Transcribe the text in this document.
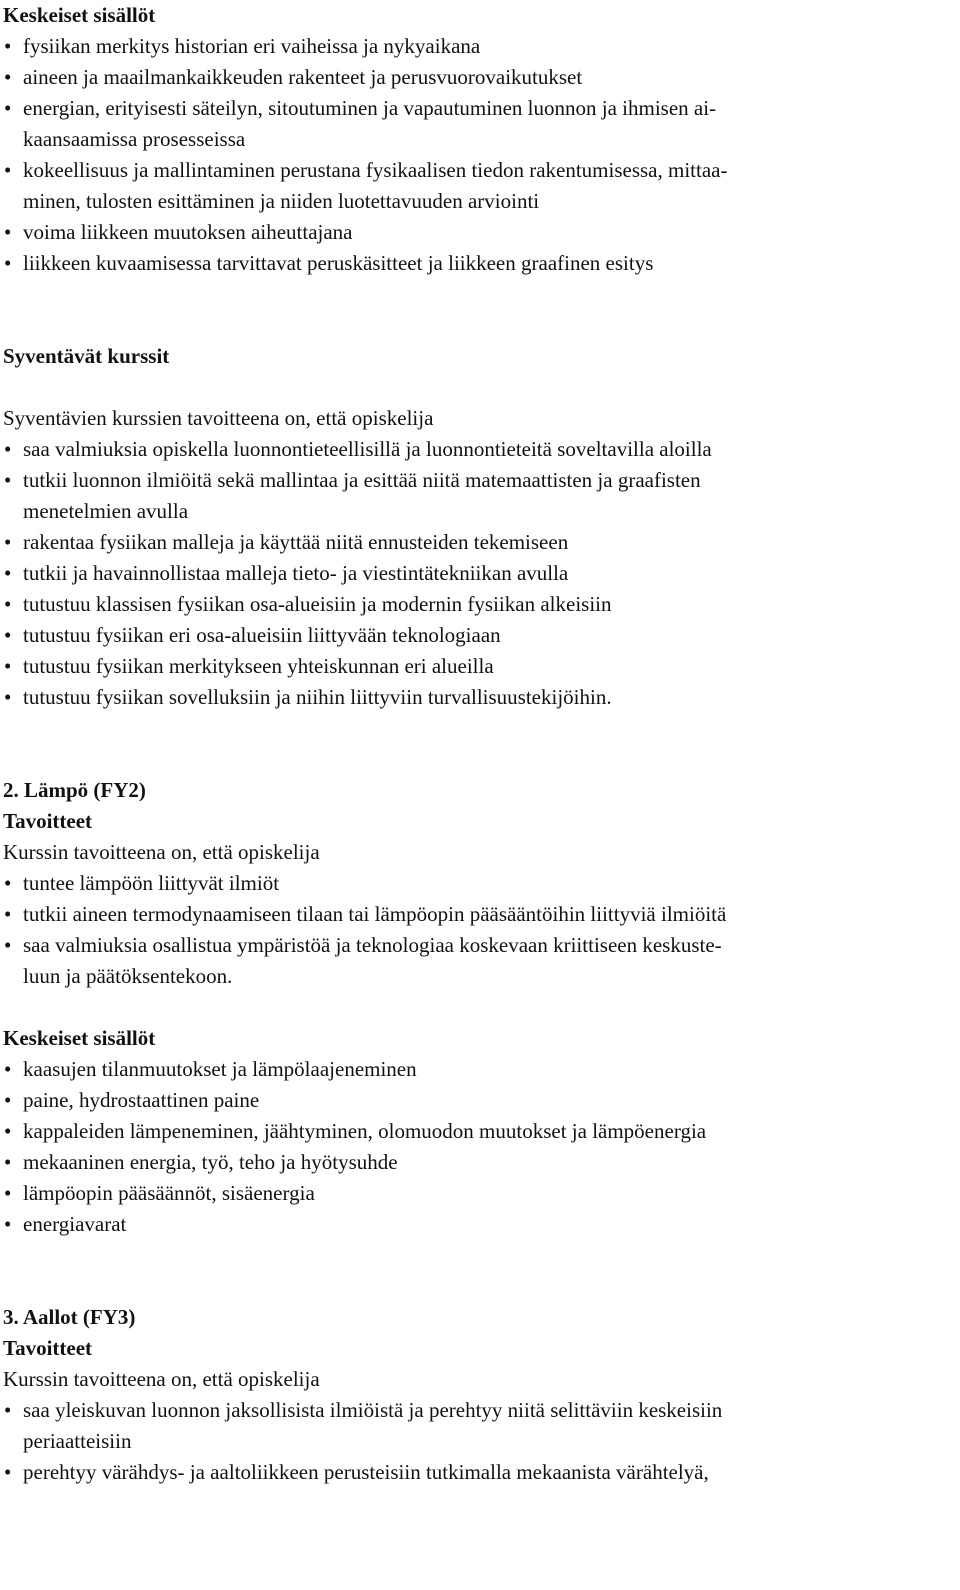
Keskeiset sisällöt
• fysiikan merkitys historian eri vaiheissa ja nykyaikana
• aineen ja maailmankaikkeuden rakenteet ja perusvuorovaikutukset
• energian, erityisesti säteilyn, sitoutuminen ja vapautuminen luonnon ja ihmisen ai-
kaansaamissa prosesseissa
• kokeellisuus ja mallintaminen perustana fysikaalisen tiedon rakentumisessa, mittaa-
minen, tulosten esittäminen ja niiden luotettavuuden arviointi
• voima liikkeen muutoksen aiheuttajana
• liikkeen kuvaamisessa tarvittavat peruskäsitteet ja liikkeen graafinen esitys
Syventävät kurssit
Syventävien kurssien tavoitteena on, että opiskelija
• saa valmiuksia opiskella luonnontieteellisillä ja luonnontieteitä soveltavilla aloilla
• tutkii luonnon ilmiöitä sekä mallintaa ja esittää niitä matemaattisten ja graafisten
menetelmien avulla
• rakentaa fysiikan malleja ja käyttää niitä ennusteiden tekemiseen
• tutkii ja havainnollistaa malleja tieto- ja viestintätekniikan avulla
• tutustuu klassisen fysiikan osa-alueisiin ja modernin fysiikan alkeisiin
• tutustuu fysiikan eri osa-alueisiin liittyvään teknologiaan
• tutustuu fysiikan merkitykseen yhteiskunnan eri alueilla
• tutustuu fysiikan sovelluksiin ja niihin liittyviin turvallisuustekijöihin.
2. Lämpö (FY2)
Tavoitteet
Kurssin tavoitteena on, että opiskelija
• tuntee lämpöön liittyvät ilmiöt
• tutkii aineen termodynaamiseen tilaan tai lämpöopin pääsääntöihin liittyviä ilmiöitä
• saa valmiuksia osallistua ympäristöä ja teknologiaa koskevaan kriittiseen keskuste-
luun ja päätöksentekoon.
Keskeiset sisällöt
• kaasujen tilanmuutokset ja lämpölaajeneminen
• paine, hydrostaattinen paine
• kappaleiden lämpeneminen, jäähtyminen, olomuodon muutokset ja lämpöenergia
• mekaaninen energia, työ, teho ja hyötysuhde
• lämpöopin pääsäännöt, sisäenergia
• energiavarat
3. Aallot (FY3)
Tavoitteet
Kurssin tavoitteena on, että opiskelija
• saa yleiskuvan luonnon jaksollisista ilmiöistä ja perehtyy niitä selittäviin keskeisiin
periaatteisiin
• perehtyy värähdys- ja aaltoliikkeen perusteisiin tutkimalla mekaanista värähtelyä,
